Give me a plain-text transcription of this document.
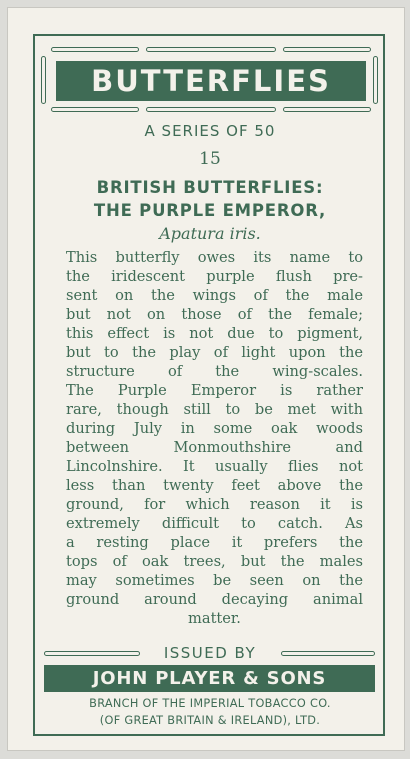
BUTTERFLIES
A SERIES OF 50
15
BRITISH BUTTERFLIES:
THE PURPLE EMPEROR,
Apatura iris.
This butterfly owes its name to
the iridescent purple flush pre-
sent on the wings of the male
but not on those of the female;
this effect is not due to pigment,
but to the play of light upon the
structure of the wing-scales.
The Purple Emperor is rather
rare, though still to be met with
during July in some oak woods
between Monmouthshire and
Lincolnshire. It usually flies not
less than twenty feet above the
ground, for which reason it is
extremely difficult to catch. As
a resting place it prefers the
tops of oak trees, but the males
may sometimes be seen on the
ground around decaying animal
matter.
ISSUED BY
JOHN PLAYER & SONS
BRANCH OF THE IMPERIAL TOBACCO CO.
(OF GREAT BRITAIN & IRELAND), LTD.
